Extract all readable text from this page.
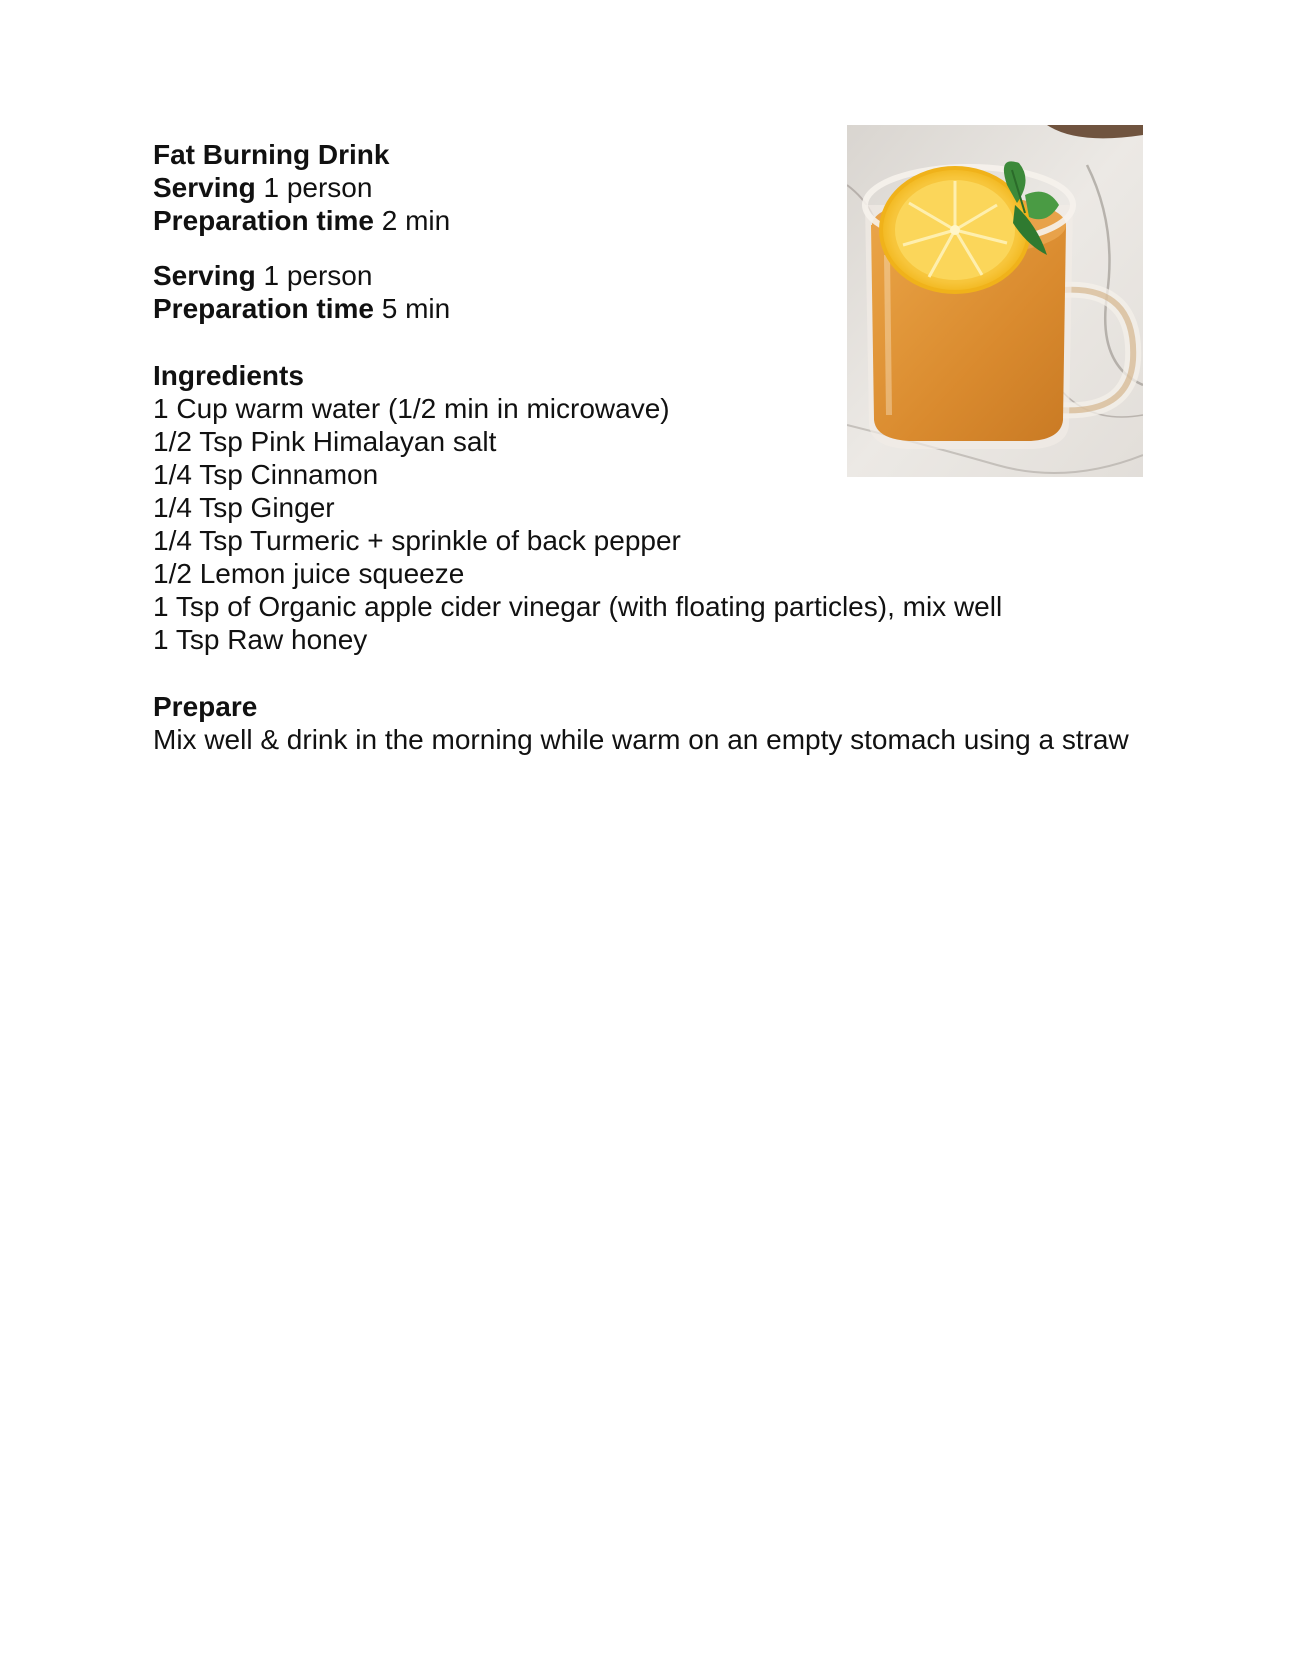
Fat Burning Drink
Serving 1 person
Preparation time 2 min
Serving 1 person
Preparation time 5 min
Ingredients
1 Cup warm water (1/2 min in microwave)
1/2 Tsp Pink Himalayan salt
1/4 Tsp Cinnamon
1/4 Tsp Ginger
1/4 Tsp Turmeric + sprinkle of back pepper
1/2 Lemon juice squeeze
1 Tsp of Organic apple cider vinegar (with floating particles), mix well
1 Tsp Raw honey
Prepare
Mix well & drink in the morning while warm on an empty stomach using a straw
